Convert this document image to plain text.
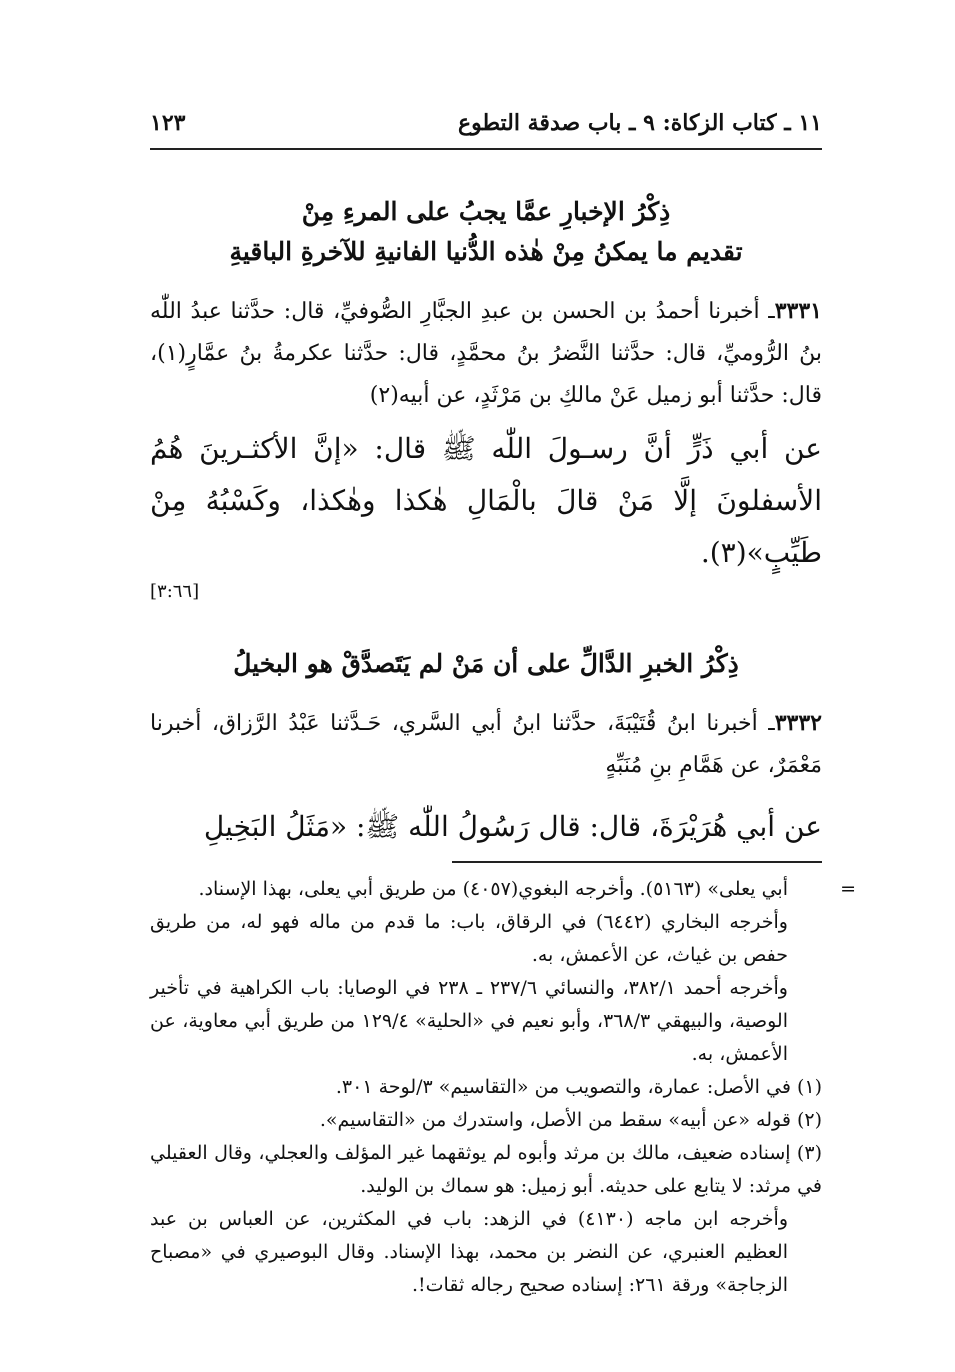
١١ ـ كتاب الزكاة: ٩ ـ باب صدقة التطوع
١٢٣
ذِكْرُ الإخبارِ عمَّا يجبُ على المرءِ مِنْ
تقديم ما يمكنُ مِنْ هٰذه الدُّنيا الفانيةِ للآخرةِ الباقيةِ
٣٣٣١ـ أخبرنا أحمدُ بن الحسن بن عبدِ الجبَّارِ الصُّوفيِّ، قال: حدَّثنا عبدُ اللّٰه بنُ الرُّوميِّ، قال: حدَّثنا النَّضرُ بنُ محمَّدٍ، قال: حدَّثنا عكرمةُ بنُ عمَّارٍ(١)، قال: حدَّثنا أبو زميل عَنْ مالكِ بن مَرْثَدٍ، عن أبيه(٢)
عن أبي ذَرٍّ أنَّ رسـولَ اللّٰه ﷺ قال: «إنَّ الأكثـرينَ هُمُ الأسفلونَ إلَّا مَنْ قالَ بالْمَالِ هٰكذا وهٰكذا، وكَسْبُهُ مِنْ طَيِّبٍ»(٣).
[٣:٦٦]
ذِكْرُ الخبرِ الدَّالِّ على أن مَنْ لم يَتَصدَّقْ هو البخيلُ
٣٣٣٢ـ أخبرنا ابنُ قُتَيْبَةَ، حدَّثنا ابنُ أبي السَّري، حَـدَّثنا عَبْدُ الرَّزاق، أخبرنا مَعْمَرٌ، عن هَمَّامِ بنِ مُنَبِّهٍ
عن أبي هُرَيْرَةَ، قال: قال رَسُولُ اللّٰه ﷺ: «مَثَلُ البَخِيلِ
=
أبي يعلى» (٥١٦٣). وأخرجه البغوي(٤٠٥٧) من طريق أبي يعلى، بهذا الإسناد.
وأخرجه البخاري (٦٤٤٢) في الرقاق، باب: ما قدم من ماله فهو له، من طريق حفص بن غياث، عن الأعمش، به.
وأخرجه أحمد ٣٨٢/١، والنسائي ٢٣٧/٦ ـ ٢٣٨ في الوصايا: باب الكراهية في تأخير الوصية، والبيهقي ٣٦٨/٣، وأبو نعيم في «الحلية» ١٢٩/٤ من طريق أبي معاوية، عن الأعمش، به.
(١) في الأصل: عمارة، والتصويب من «التقاسيم» ٣/لوحة ٣٠١.
(٢) قوله «عن أبيه» سقط من الأصل، واستدرك من «التقاسيم».
(٣) إسناده ضعيف، مالك بن مرثد وأبوه لم يوثقهما غير المؤلف والعجلي، وقال العقيلي في مرثد: لا يتابع على حديثه. أبو زميل: هو سماك بن الوليد.
وأخرجه ابن ماجه (٤١٣٠) في الزهد: باب في المكثرين، عن العباس بن عبد العظيم العنبري، عن النضر بن محمد، بهذا الإسناد. وقال البوصيري في «مصباح الزجاجة» ورقة ٢٦١: إسناده صحيح رجاله ثقات!.
